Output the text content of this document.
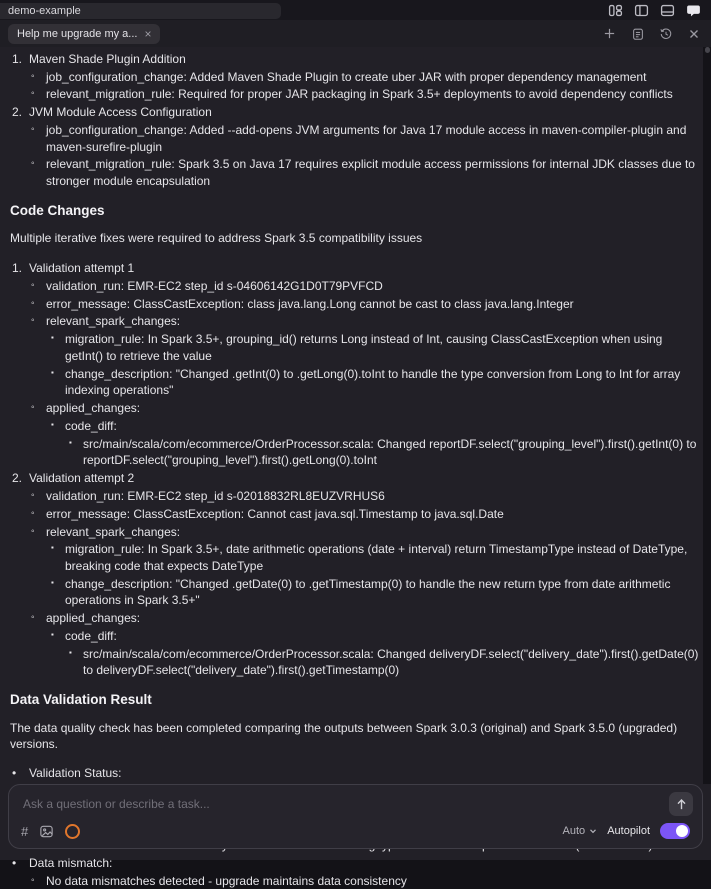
demo-example
Help me upgrade my a... ×
1. Maven Shade Plugin Addition
◦ job_configuration_change: Added Maven Shade Plugin to create uber JAR with proper dependency management
◦ relevant_migration_rule: Required for proper JAR packaging in Spark 3.5+ deployments to avoid dependency conflicts
2. JVM Module Access Configuration
◦ job_configuration_change: Added --add-opens JVM arguments for Java 17 module access in maven-compiler-plugin and maven-surefire-plugin
◦ relevant_migration_rule: Spark 3.5 on Java 17 requires explicit module access permissions for internal JDK classes due to stronger module encapsulation
Code Changes
Multiple iterative fixes were required to address Spark 3.5 compatibility issues
1. Validation attempt 1
◦ validation_run: EMR-EC2 step_id s-04606142G1D0T79PVFCD
◦ error_message: ClassCastException: class java.lang.Long cannot be cast to class java.lang.Integer
◦ relevant_spark_changes:
▪ migration_rule: In Spark 3.5+, grouping_id() returns Long instead of Int, causing ClassCastException when using getInt() to retrieve the value
▪ change_description: "Changed .getInt(0) to .getLong(0).toInt to handle the type conversion from Long to Int for array indexing operations"
◦ applied_changes:
▪ code_diff:
▪ src/main/scala/com/ecommerce/OrderProcessor.scala: Changed reportDF.select("grouping_level").first().getInt(0) to reportDF.select("grouping_level").first().getLong(0).toInt
2. Validation attempt 2
◦ validation_run: EMR-EC2 step_id s-02018832RL8EUZVRHUS6
◦ error_message: ClassCastException: Cannot cast java.sql.Timestamp to java.sql.Date
◦ relevant_spark_changes:
▪ migration_rule: In Spark 3.5+, date arithmetic operations (date + interval) return TimestampType instead of DateType, breaking code that expects DateType
▪ change_description: "Changed .getDate(0) to .getTimestamp(0) to handle the new return type from date arithmetic operations in Spark 3.5+"
◦ applied_changes:
▪ code_diff:
▪ src/main/scala/com/ecommerce/OrderProcessor.scala: Changed deliveryDF.select("delivery_date").first().getDate(0) to deliveryDF.select("delivery_date").first().getTimestamp(0)
Data Validation Result
The data quality check has been completed comparing the outputs between Spark 3.0.3 (original) and Spark 3.5.0 (upgraded) versions.
•	Validation Status:
•	Data mismatch:
◦ No data mismatches detected - upgrade maintains data consistency
Ask a question or describe a task...
#	Auto Autopilot
